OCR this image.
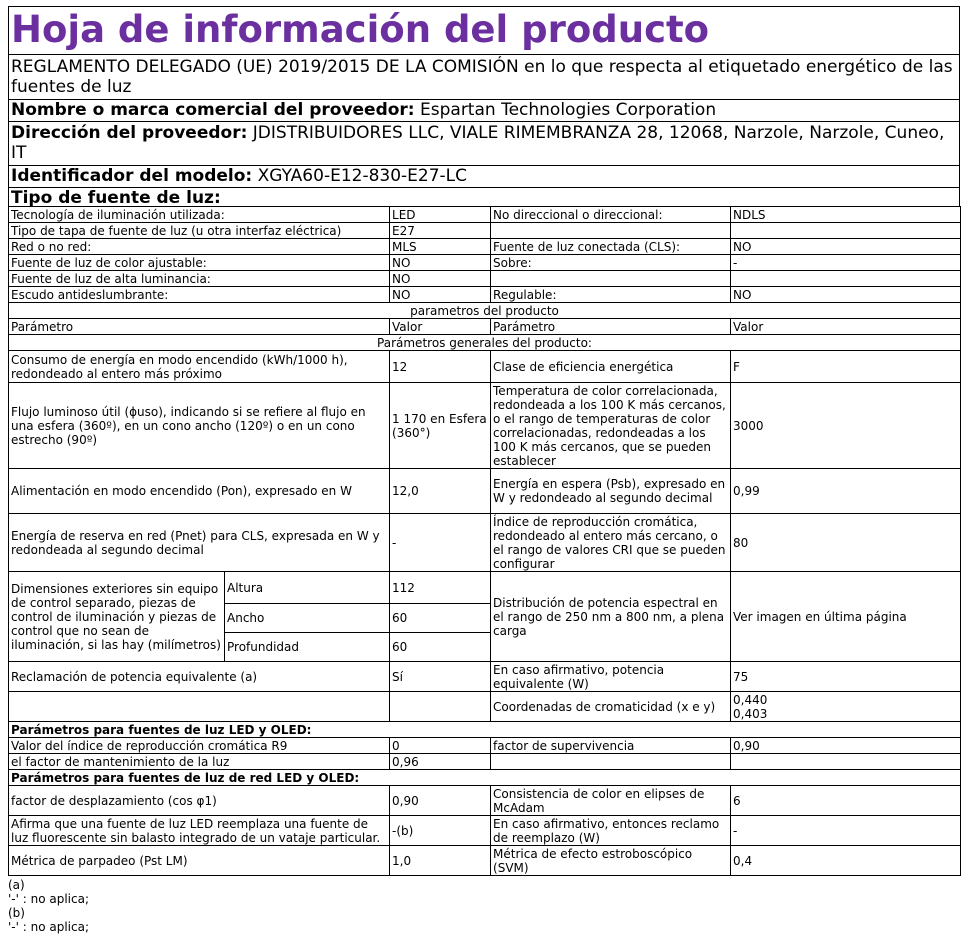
Hoja de información del producto
REGLAMENTO DELEGADO (UE) 2019/2015 DE LA COMISIÓN en lo que respecta al etiquetado energético de las fuentes de luz
Nombre o marca comercial del proveedor: Espartan Technologies Corporation
Dirección del proveedor: JDISTRIBUIDORES LLC, VIALE RIMEMBRANZA 28, 12068, Narzole, Narzole, Cuneo, IT
Identificador del modelo: XGYA60-E12-830-E27-LC
Tipo de fuente de luz:
Tecnología de iluminación utilizada:		LED	No direccional o direccional:	NDLS
Tipo de tapa de fuente de luz (u otra interfaz eléctrica)		E27		
Red o no red:		MLS	Fuente de luz conectada (CLS):	NO
Fuente de luz de color ajustable:		NO	Sobre:	-
Fuente de luz de alta luminancia:		NO		
Escudo antideslumbrante:		NO	Regulable:	NO
parametros del producto				
Parámetro		Valor	Parámetro	Valor
Parámetros generales del producto:				
Consumo de energía en modo encendido (kWh/1000 h), redondeado al entero más próximo		12	Clase de eficiencia energética	F
Flujo luminoso útil (ɸuso), indicando si se refiere al flujo en una esfera (360º), en un cono ancho (120º) o en un cono estrecho (90º)		1 170 en Esfera (360°)	Temperatura de color correlacionada, redondeada a los 100 K más cercanos, o el rango de temperaturas de color correlacionadas, redondeadas a los 100 K más cercanos, que se pueden establecer	3000
Alimentación en modo encendido (Pon), expresado en W		12,0	Energía en espera (Psb), expresado en W y redondeado al segundo decimal	0,99
Energía de reserva en red (Pnet) para CLS, expresada en W y redondeada al segundo decimal		-	Índice de reproducción cromática, redondeado al entero más cercano, o el rango de valores CRI que se pueden configurar	80
Dimensiones exteriores sin equipo de control separado, piezas de control de iluminación y piezas de control que no sean de iluminación, si las hay (milímetros)	Altura	112	Distribución de potencia espectral en el rango de 250 nm a 800 nm, a plena carga	Ver imagen en última página
	Ancho	60		
	Profundidad	60		
Reclamación de potencia equivalente (a)		Sí	En caso afirmativo, potencia equivalente (W)	75
			Coordenadas de cromaticidad (x e y)	0,440
0,403

Parámetros para fuentes de luz LED y OLED:				
Valor del índice de reproducción cromática R9		0	factor de supervivencia	0,90
el factor de mantenimiento de la luz		0,96		
Parámetros para fuentes de luz de red LED y OLED:				
factor de desplazamiento (cos φ1)		0,90	Consistencia de color en elipses de McAdam	6
Afirma que una fuente de luz LED reemplaza una fuente de luz fluorescente sin balasto integrado de un vataje particular.		-(b)	En caso afirmativo, entonces reclamo de reemplazo (W)	-
Métrica de parpadeo (Pst LM)		1,0	Métrica de efecto estroboscópico (SVM)	0,4
(a)
'-' : no aplica;
(b)
'-' : no aplica;
